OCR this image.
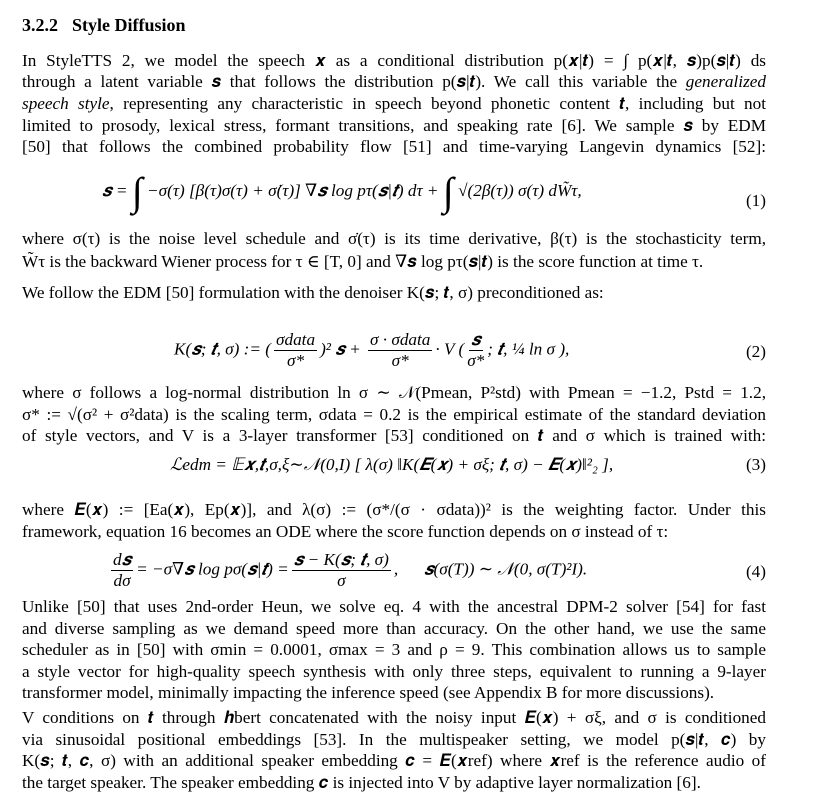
3.2.2 Style Diffusion
In StyleTTS 2, we model the speech 𝒙 as a conditional distribution p(𝒙|𝒕) = ∫ p(𝒙|𝒕, 𝒔)p(𝒔|𝒕) ds
through a latent variable 𝒔 that follows the distribution p(𝒔|𝒕). We call this variable the generalized
speech style, representing any characteristic in speech beyond phonetic content 𝒕, including but not
limited to prosody, lexical stress, formant transitions, and speaking rate [6]. We sample 𝒔 by EDM
[50] that follows the combined probability flow [51] and time-varying Langevin dynamics [52]:
𝒔 = ∫ −σ(τ) [β(τ)σ(τ) + σ̇(τ)] ∇𝒔 log pτ(𝒔|𝒕) dτ + ∫ √(2β(τ)) σ(τ) dW̃τ,
(1)
where σ(τ) is the noise level schedule and σ̇(τ) is its time derivative, β(τ) is the stochasticity term,
W̃τ is the backward Wiener process for τ ∈ [T, 0] and ∇𝒔 log pτ(𝒔|𝒕) is the score function at time τ.
We follow the EDM [50] formulation with the denoiser K(𝒔; 𝒕, σ) preconditioned as:
K(𝒔; 𝒕, σ) := ( $\frac{\text{σdata}}{\sigma*} )^2$ 𝒔 + $\frac{\text{σ · σdata}}{\sigma*} \cdot V$ ( $\frac{\text{𝒔}}{\sigma*}$ ; 𝒕, ¼ ln σ ),	(2)
where σ follows a log-normal distribution ln σ ∼ 𝒩(Pmean, P²std) with Pmean = −1.2, Pstd = 1.2,
σ* := √(σ² + σ²data) is the scaling term, σdata = 0.2 is the empirical estimate of the standard deviation
of style vectors, and V is a 3-layer transformer [53] conditioned on 𝒕 and σ which is trained with:
ℒedm = 𝔼𝒙,𝒕,σ,ξ∼𝒩(0,I) [ λ(σ) ‖K(𝑬(𝒙) + σξ; 𝒕, σ) − 𝑬(𝒙)‖²₂ ],	(3)
where 𝑬(𝒙) := [Ea(𝒙), Ep(𝒙)], and λ(σ) := (σ*/(σ · σdata))² is the weighting factor. Under this
framework, equation 16 becomes an ODE where the score function depends on σ instead of τ:
$\frac{\text{d𝒔}}{d\sigma}$ = −σ∇𝒔 log pσ(𝒔|𝒕) = $\frac{\text{𝒔 − K(𝒔; 𝒕, σ)}}{\sigma}$ ,      𝒔(σ(T)) ∼ 𝒩(0, σ(T)²I).	(4)
Unlike [50] that uses 2nd-order Heun, we solve eq. 4 with the ancestral DPM-2 solver [54] for fast
and diverse sampling as we demand speed more than accuracy. On the other hand, we use the same
scheduler as in [50] with σmin = 0.0001, σmax = 3 and ρ = 9. This combination allows us to sample
a style vector for high-quality speech synthesis with only three steps, equivalent to running a 9-layer
transformer model, minimally impacting the inference speed (see Appendix B for more discussions).
V conditions on 𝒕 through 𝒉bert concatenated with the noisy input 𝑬(𝒙) + σξ, and σ is conditioned
via sinusoidal positional embeddings [53]. In the multispeaker setting, we model p(𝒔|𝒕, 𝒄) by
K(𝒔; 𝒕, 𝒄, σ) with an additional speaker embedding 𝒄 = 𝑬(𝒙ref) where 𝒙ref is the reference audio of
the target speaker. The speaker embedding 𝒄 is injected into V by adaptive layer normalization [6].
